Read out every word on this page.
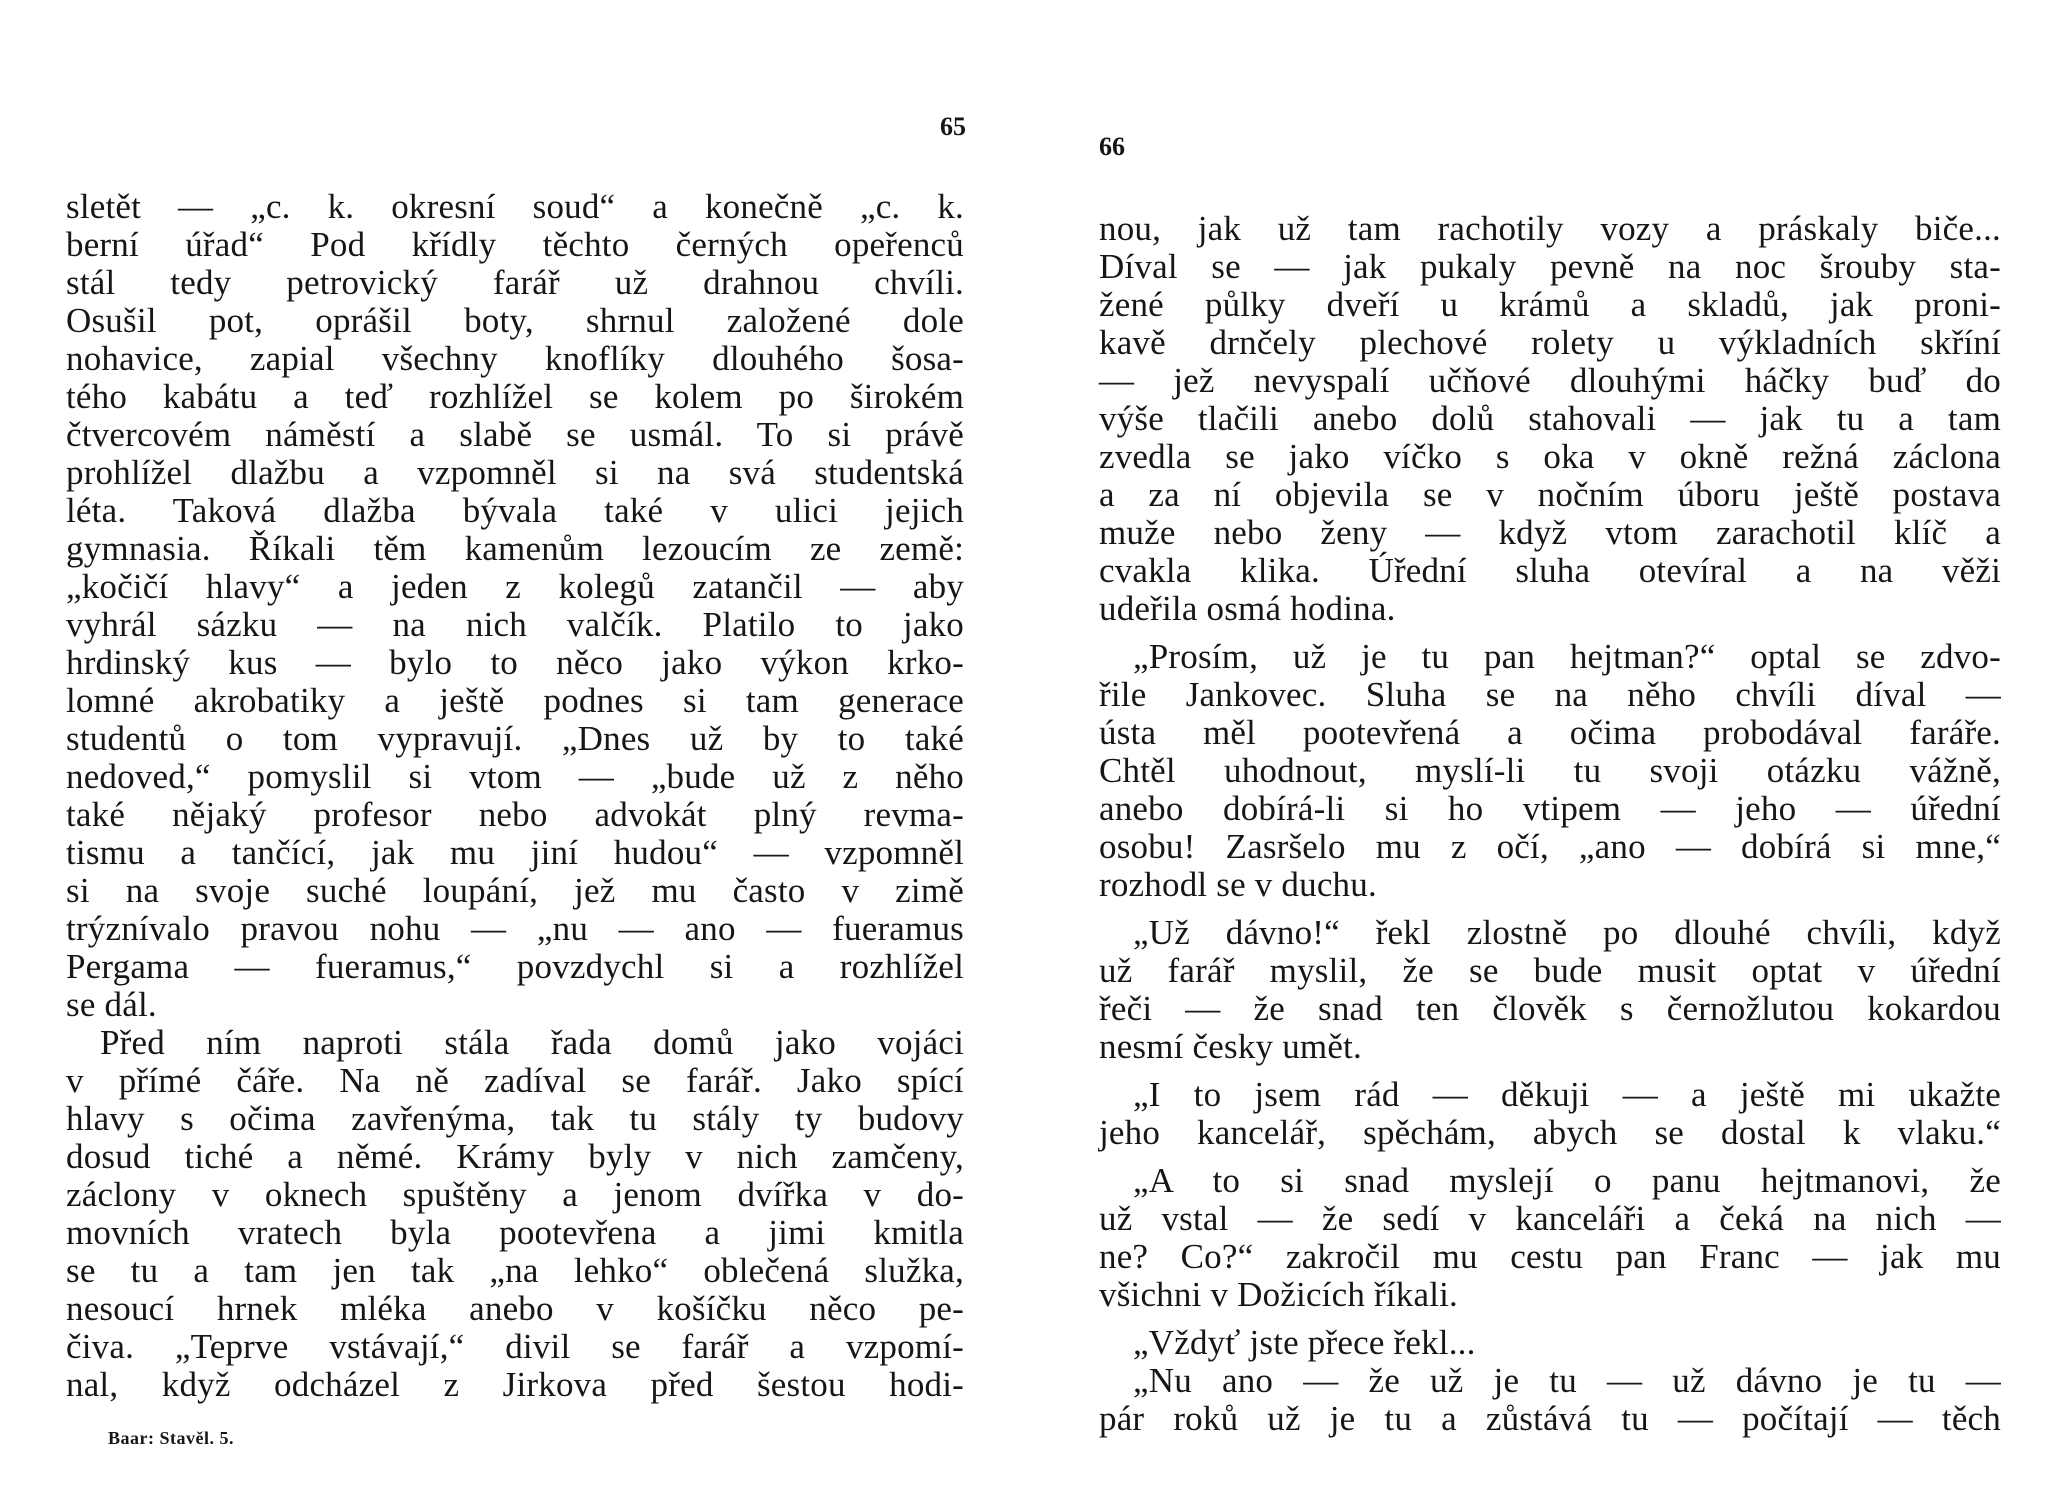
65
sletět — „c. k. okresní soud“ a konečně „c. k.
berní úřad“ Pod křídly těchto černých opeřenců
stál tedy petrovický farář už drahnou chvíli.
Osušil pot, oprášil boty, shrnul založené dole
nohavice, zapial všechny knoflíky dlouhého šosa-
tého kabátu a teď rozhlížel se kolem po širokém
čtvercovém náměstí a slabě se usmál. To si právě
prohlížel dlažbu a vzpomněl si na svá studentská
léta. Taková dlažba bývala také v ulici jejich
gymnasia. Říkali těm kamenům lezoucím ze země:
„kočičí hlavy“ a jeden z kolegů zatančil — aby
vyhrál sázku — na nich valčík. Platilo to jako
hrdinský kus — bylo to něco jako výkon krko-
lomné akrobatiky a ještě podnes si tam generace
studentů o tom vypravují. „Dnes už by to také
nedoved,“ pomyslil si vtom — „bude už z něho
také nějaký profesor nebo advokát plný revma-
tismu a tančící, jak mu jiní hudou“ — vzpomněl
si na svoje suché loupání, jež mu často v zimě
trýznívalo pravou nohu — „nu — ano — fueramus
Pergama — fueramus,“ povzdychl si a rozhlížel
se dál.
Před ním naproti stála řada domů jako vojáci
v přímé čáře. Na ně zadíval se farář. Jako spící
hlavy s očima zavřenýma, tak tu stály ty budovy
dosud tiché a němé. Krámy byly v nich zamčeny,
záclony v oknech spuštěny a jenom dvířka v do-
movních vratech byla pootevřena a jimi kmitla
se tu a tam jen tak „na lehko“ oblečená služka,
nesoucí hrnek mléka anebo v košíčku něco pe-
čiva. „Teprve vstávají,“ divil se farář a vzpomí-
nal, když odcházel z Jirkova před šestou hodi-
Baar: Stavěl. 5.
66
nou, jak už tam rachotily vozy a práskaly biče...
Díval se — jak pukaly pevně na noc šrouby sta-
žené půlky dveří u krámů a skladů, jak proni-
kavě drnčely plechové rolety u výkladních skříní
— jež nevyspalí učňové dlouhými háčky buď do
výše tlačili anebo dolů stahovali — jak tu a tam
zvedla se jako víčko s oka v okně režná záclona
a za ní objevila se v nočním úboru ještě postava
muže nebo ženy — když vtom zarachotil klíč a
cvakla klika. Úřední sluha otevíral a na věži
udeřila osmá hodina.
„Prosím, už je tu pan hejtman?“ optal se zdvo-
řile Jankovec. Sluha se na něho chvíli díval —
ústa měl pootevřená a očima probodával faráře.
Chtěl uhodnout, myslí-li tu svoji otázku vážně,
anebo dobírá-li si ho vtipem — jeho — úřední
osobu! Zasršelo mu z očí, „ano — dobírá si mne,“
rozhodl se v duchu.
„Už dávno!“ řekl zlostně po dlouhé chvíli, když
už farář myslil, že se bude musit optat v úřední
řeči — že snad ten člověk s černožlutou kokardou
nesmí česky umět.
„I to jsem rád — děkuji — a ještě mi ukažte
jeho kancelář, spěchám, abych se dostal k vlaku.“
„A to si snad myslejí o panu hejtmanovi, že
už vstal — že sedí v kanceláři a čeká na nich —
ne? Co?“ zakročil mu cestu pan Franc — jak mu
všichni v Dožicích říkali.
„Vždyť jste přece řekl...
„Nu ano — že už je tu — už dávno je tu —
pár roků už je tu a zůstává tu — počítají — těch
